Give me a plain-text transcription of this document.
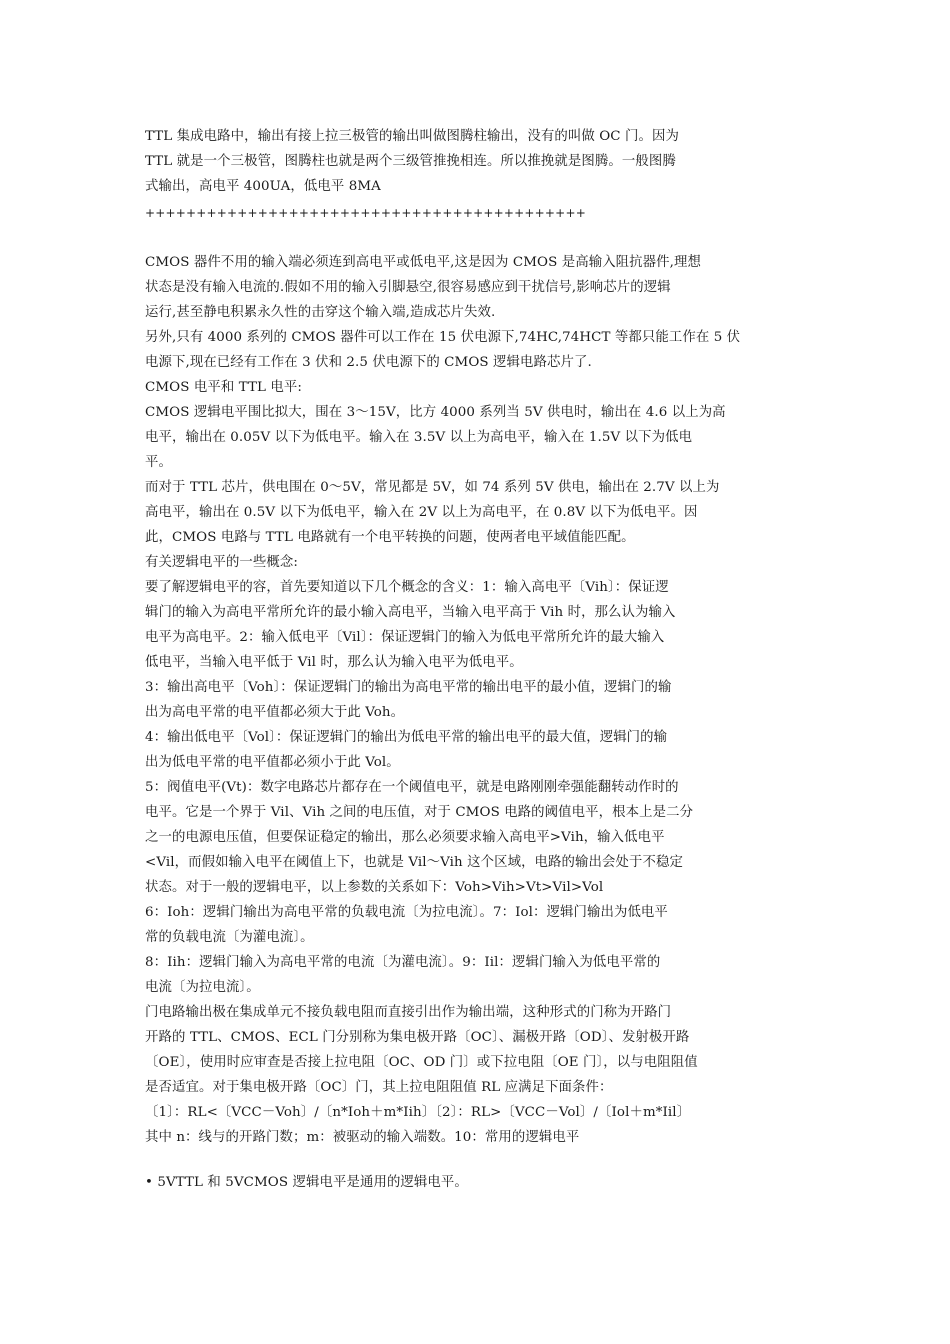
TTL 集成电路中，输出有接上拉三极管的输出叫做图腾柱输出，没有的叫做 OC 门。因为
TTL 就是一个三极管，图腾柱也就是两个三级管推挽相连。所以推挽就是图腾。一般图腾
式输出，高电平 400UA，低电平 8MA
+++++++++++++++++++++++++++++++++++++++++++
CMOS 器件不用的输入端必须连到高电平或低电平,这是因为 CMOS 是高输入阻抗器件,理想
状态是没有输入电流的.假如不用的输入引脚悬空,很容易感应到干扰信号,影响芯片的逻辑
运行,甚至静电积累永久性的击穿这个输入端,造成芯片失效.
另外,只有 4000 系列的 CMOS 器件可以工作在 15 伏电源下,74HC,74HCT 等都只能工作在 5 伏
电源下,现在已经有工作在 3 伏和 2.5 伏电源下的 CMOS 逻辑电路芯片了.
CMOS 电平和 TTL 电平:
CMOS 逻辑电平围比拟大，围在 3～15V，比方 4000 系列当 5V 供电时，输出在 4.6 以上为高
电平，输出在 0.05V 以下为低电平。输入在 3.5V 以上为高电平，输入在 1.5V 以下为低电
平。
而对于 TTL 芯片，供电围在 0～5V，常见都是 5V，如 74 系列 5V 供电，输出在 2.7V 以上为
高电平，输出在 0.5V 以下为低电平，输入在 2V 以上为高电平，在 0.8V 以下为低电平。因
此，CMOS 电路与 TTL 电路就有一个电平转换的问题，使两者电平域值能匹配。
有关逻辑电平的一些概念:
要了解逻辑电平的容，首先要知道以下几个概念的含义：1：输入高电平〔Vih〕：保证逻
辑门的输入为高电平常所允许的最小输入高电平，当输入电平高于 Vih 时，那么认为输入
电平为高电平。2：输入低电平〔Vil〕：保证逻辑门的输入为低电平常所允许的最大输入
低电平，当输入电平低于 Vil 时，那么认为输入电平为低电平。
3：输出高电平〔Voh〕：保证逻辑门的输出为高电平常的输出电平的最小值，逻辑门的输
出为高电平常的电平值都必须大于此 Voh。
4：输出低电平〔Vol〕：保证逻辑门的输出为低电平常的输出电平的最大值，逻辑门的输
出为低电平常的电平值都必须小于此 Vol。
5：阀值电平(Vt)：数字电路芯片都存在一个阈值电平，就是电路刚刚牵强能翻转动作时的
电平。它是一个界于 Vil、Vih 之间的电压值，对于 CMOS 电路的阈值电平，根本上是二分
之一的电源电压值，但要保证稳定的输出，那么必须要求输入高电平>Vih，输入低电平
<Vil，而假如输入电平在阈值上下，也就是 Vil～Vih 这个区域，电路的输出会处于不稳定
状态。对于一般的逻辑电平，以上参数的关系如下：Voh>Vih>Vt>Vil>Vol
6：Ioh：逻辑门输出为高电平常的负载电流〔为拉电流〕。7：Iol：逻辑门输出为低电平
常的负载电流〔为灌电流〕。
8：Iih：逻辑门输入为高电平常的电流〔为灌电流〕。9：Iil：逻辑门输入为低电平常的
电流〔为拉电流〕。
门电路输出极在集成单元不接负载电阻而直接引出作为输出端，这种形式的门称为开路门
开路的 TTL、CMOS、ECL 门分别称为集电极开路〔OC〕、漏极开路〔OD〕、发射极开路
〔OE〕，使用时应审查是否接上拉电阻〔OC、OD 门〕或下拉电阻〔OE 门〕，以与电阻阻值
是否适宜。对于集电极开路〔OC〕门，其上拉电阻阻值 RL 应满足下面条件：
〔1〕：RL<〔VCC－Voh〕/〔n*Ioh＋m*Iih〕〔2〕：RL>〔VCC－Vol〕/〔Iol＋m*Iil〕
其中 n：线与的开路门数；m：被驱动的输入端数。10：常用的逻辑电平
• 5VTTL 和 5VCMOS 逻辑电平是通用的逻辑电平。
